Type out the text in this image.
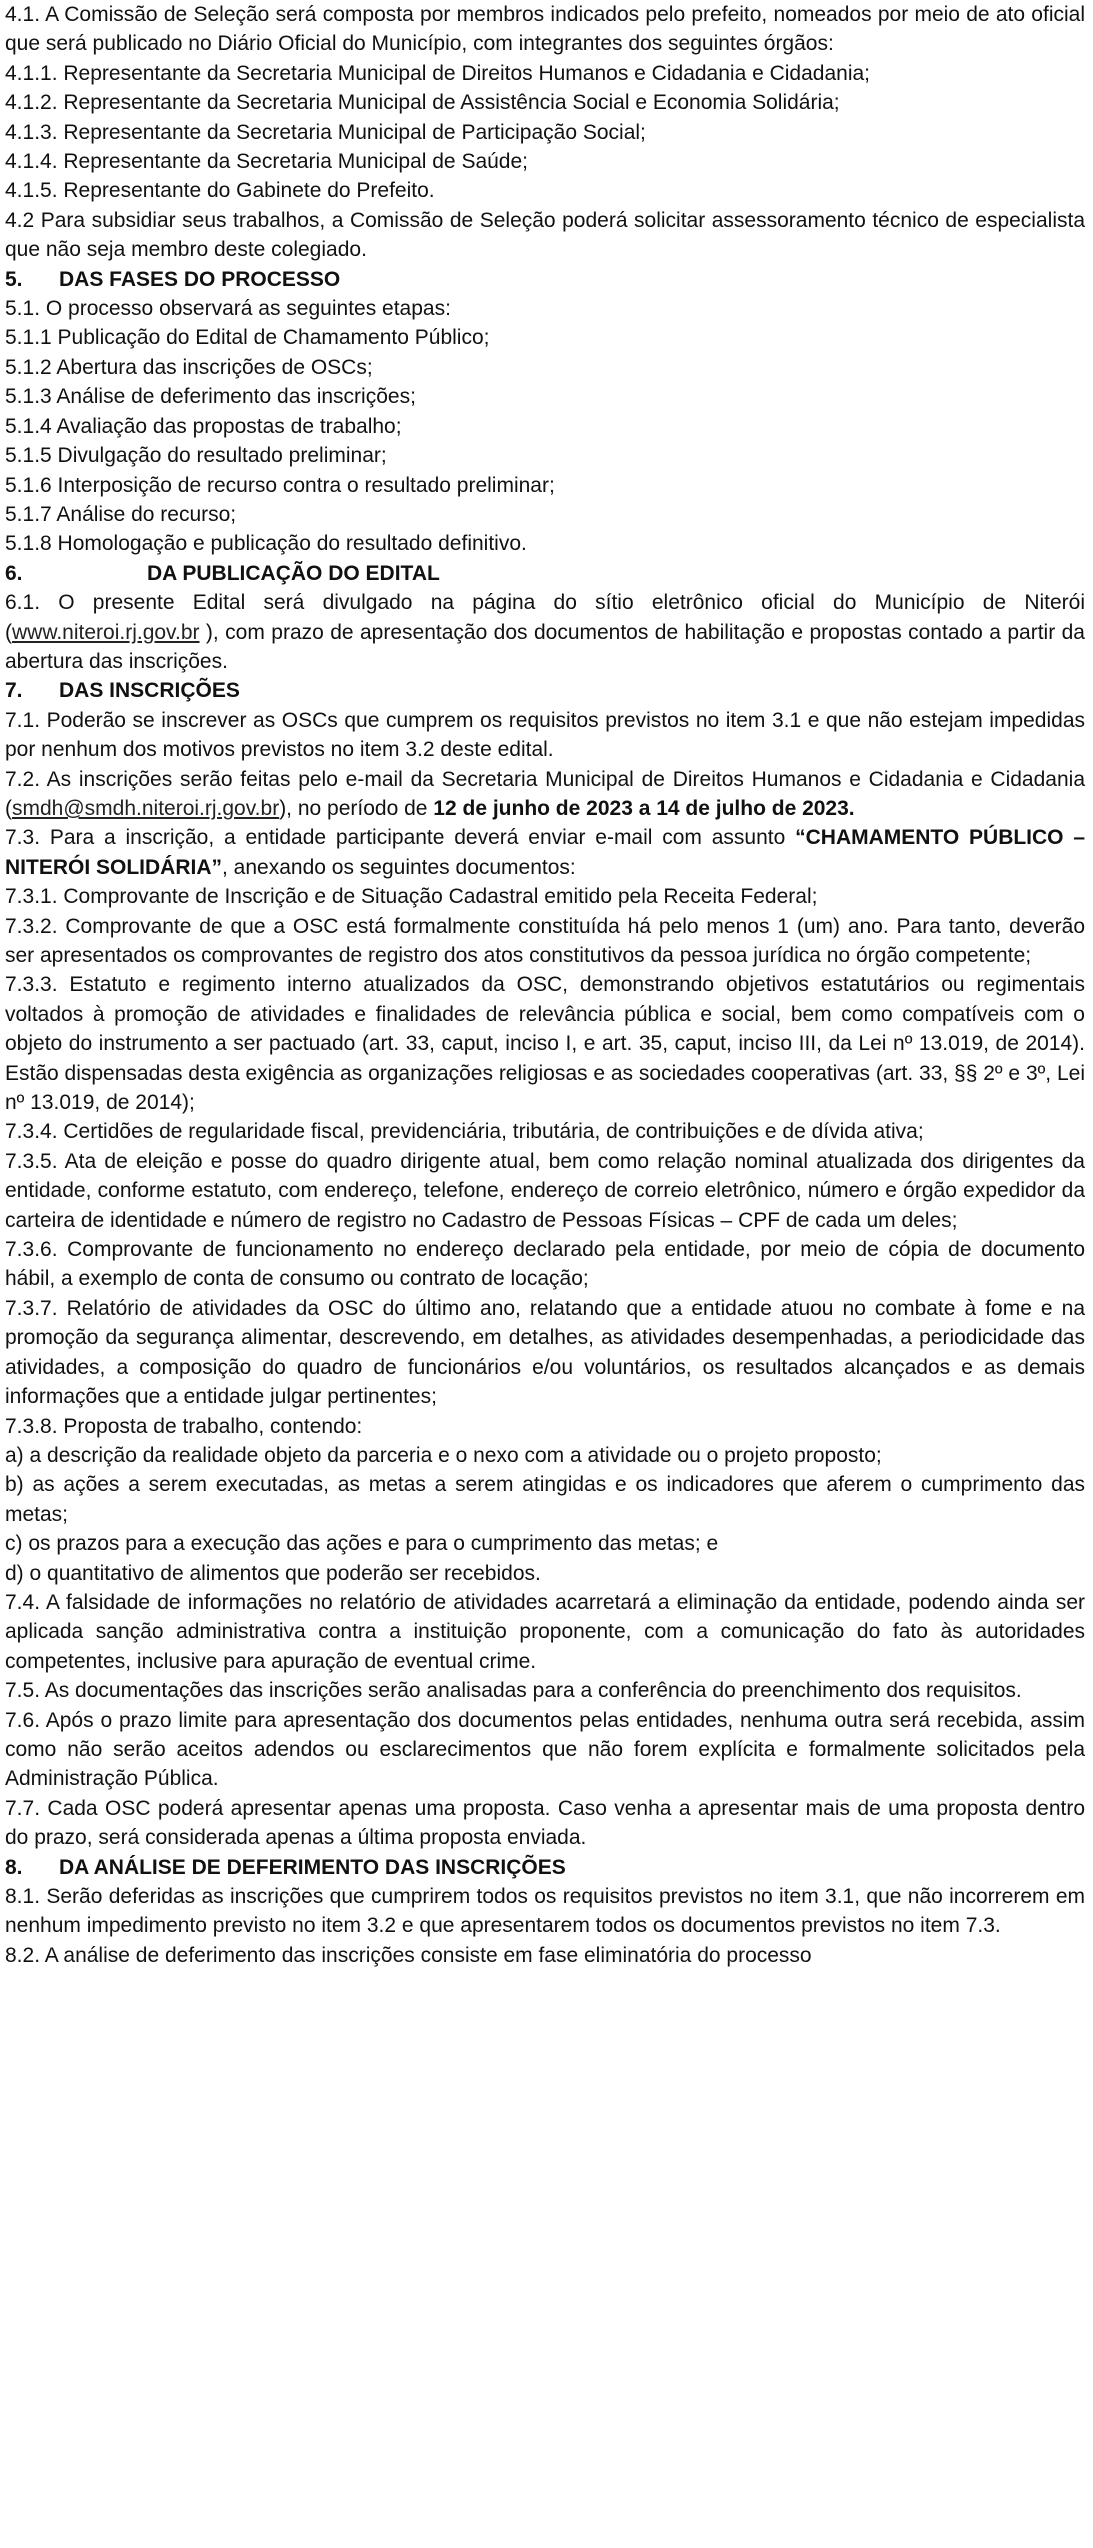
4.1. A Comissão de Seleção será composta por membros indicados pelo prefeito, nomeados por meio de ato oficial que será publicado no Diário Oficial do Município, com integrantes dos seguintes órgãos:

4.1.1. Representante da Secretaria Municipal de Direitos Humanos e Cidadania e Cidadania;

4.1.2. Representante da Secretaria Municipal de Assistência Social e Economia Solidária;

4.1.3. Representante da Secretaria Municipal de Participação Social;

4.1.4. Representante da Secretaria Municipal de Saúde;

4.1.5. Representante do Gabinete do Prefeito.

4.2 Para subsidiar seus trabalhos, a Comissão de Seleção poderá solicitar assessoramento técnico de especialista que não seja membro deste colegiado.

5. DAS FASES DO PROCESSO

5.1. O processo observará as seguintes etapas:

5.1.1 Publicação do Edital de Chamamento Público;

5.1.2 Abertura das inscrições de OSCs;

5.1.3 Análise de deferimento das inscrições;

5.1.4 Avaliação das propostas de trabalho;

5.1.5 Divulgação do resultado preliminar;

5.1.6 Interposição de recurso contra o resultado preliminar;

5.1.7 Análise do recurso;

5.1.8 Homologação e publicação do resultado definitivo.

6.	DA PUBLICAÇÃO DO EDITAL

6.1. O presente Edital será divulgado na página do sítio eletrônico oficial do Município de Niterói (www.niteroi.rj.gov.br ), com prazo de apresentação dos documentos de habilitação e propostas contado a partir da abertura das inscrições.

7. DAS INSCRIÇÕES

7.1. Poderão se inscrever as OSCs que cumprem os requisitos previstos no item 3.1 e que não estejam impedidas por nenhum dos motivos previstos no item 3.2 deste edital.

7.2. As inscrições serão feitas pelo e-mail da Secretaria Municipal de Direitos Humanos e Cidadania e Cidadania (smdh@smdh.niteroi.rj.gov.br), no período de 12 de junho de 2023 a 14 de julho de 2023.

7.3. Para a inscrição, a entidade participante deverá enviar e-mail com assunto “CHAMAMENTO PÚBLICO – NITERÓI SOLIDÁRIA”, anexando os seguintes documentos:

7.3.1. Comprovante de Inscrição e de Situação Cadastral emitido pela Receita Federal;

7.3.2. Comprovante de que a OSC está formalmente constituída há pelo menos 1 (um) ano. Para tanto, deverão ser apresentados os comprovantes de registro dos atos constitutivos da pessoa jurídica no órgão competente;

7.3.3. Estatuto e regimento interno atualizados da OSC, demonstrando objetivos estatutários ou regimentais voltados à promoção de atividades e finalidades de relevância pública e social, bem como compatíveis com o objeto do instrumento a ser pactuado (art. 33, caput, inciso I, e art. 35, caput, inciso III, da Lei nº 13.019, de 2014). Estão dispensadas desta exigência as organizações religiosas e as sociedades cooperativas (art. 33, §§ 2º e 3º, Lei nº 13.019, de 2014);

7.3.4. Certidões de regularidade fiscal, previdenciária, tributária, de contribuições e de dívida ativa;

7.3.5. Ata de eleição e posse do quadro dirigente atual, bem como relação nominal atualizada dos dirigentes da entidade, conforme estatuto, com endereço, telefone, endereço de correio eletrônico, número e órgão expedidor da carteira de identidade e número de registro no Cadastro de Pessoas Físicas – CPF de cada um deles;

7.3.6. Comprovante de funcionamento no endereço declarado pela entidade, por meio de cópia de documento hábil, a exemplo de conta de consumo ou contrato de locação;

7.3.7. Relatório de atividades da OSC do último ano, relatando que a entidade atuou no combate à fome e na promoção da segurança alimentar, descrevendo, em detalhes, as atividades desempenhadas, a periodicidade das atividades, a composição do quadro de funcionários e/ou voluntários, os resultados alcançados e as demais informações que a entidade julgar pertinentes;

7.3.8. Proposta de trabalho, contendo:

a) a descrição da realidade objeto da parceria e o nexo com a atividade ou o projeto proposto;

b) as ações a serem executadas, as metas a serem atingidas e os indicadores que aferem o cumprimento das metas;

c) os prazos para a execução das ações e para o cumprimento das metas; e

d) o quantitativo de alimentos que poderão ser recebidos.

7.4. A falsidade de informações no relatório de atividades acarretará a eliminação da entidade, podendo ainda ser aplicada sanção administrativa contra a instituição proponente, com a comunicação do fato às autoridades competentes, inclusive para apuração de eventual crime.

7.5. As documentações das inscrições serão analisadas para a conferência do preenchimento dos requisitos.

7.6. Após o prazo limite para apresentação dos documentos pelas entidades, nenhuma outra será recebida, assim como não serão aceitos adendos ou esclarecimentos que não forem explícita e formalmente solicitados pela Administração Pública.

7.7. Cada OSC poderá apresentar apenas uma proposta. Caso venha a apresentar mais de uma proposta dentro do prazo, será considerada apenas a última proposta enviada.

8. DA ANÁLISE DE DEFERIMENTO DAS INSCRIÇÕES

8.1. Serão deferidas as inscrições que cumprirem todos os requisitos previstos no item 3.1, que não incorrerem em nenhum impedimento previsto no item 3.2 e que apresentarem todos os documentos previstos no item 7.3.

8.2. A análise de deferimento das inscrições consiste em fase eliminatória do processo
